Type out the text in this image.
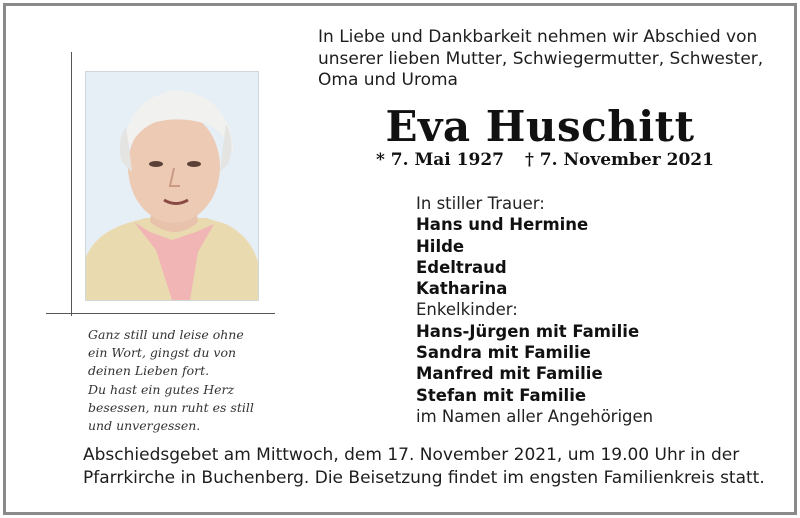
In Liebe und Dankbarkeit nehmen wir Abschied von
unserer lieben Mutter, Schwiegermutter, Schwester,
Oma und Uroma
Eva Huschitt
* 7. Mai 1927 † 7. November 2021
In stiller Trauer:
Hans und Hermine
Hilde
Edeltraud
Katharina
Enkelkinder:
Hans-Jürgen mit Familie
Sandra mit Familie
Manfred mit Familie
Stefan mit Familie
im Namen aller Angehörigen
Ganz still und leise ohne
ein Wort, gingst du von
deinen Lieben fort.
Du hast ein gutes Herz
besessen, nun ruht es still
und unvergessen.
Abschiedsgebet am Mittwoch, dem 17. November 2021, um 19.00 Uhr in der
Pfarrkirche in Buchenberg. Die Beisetzung findet im engsten Familienkreis statt.
